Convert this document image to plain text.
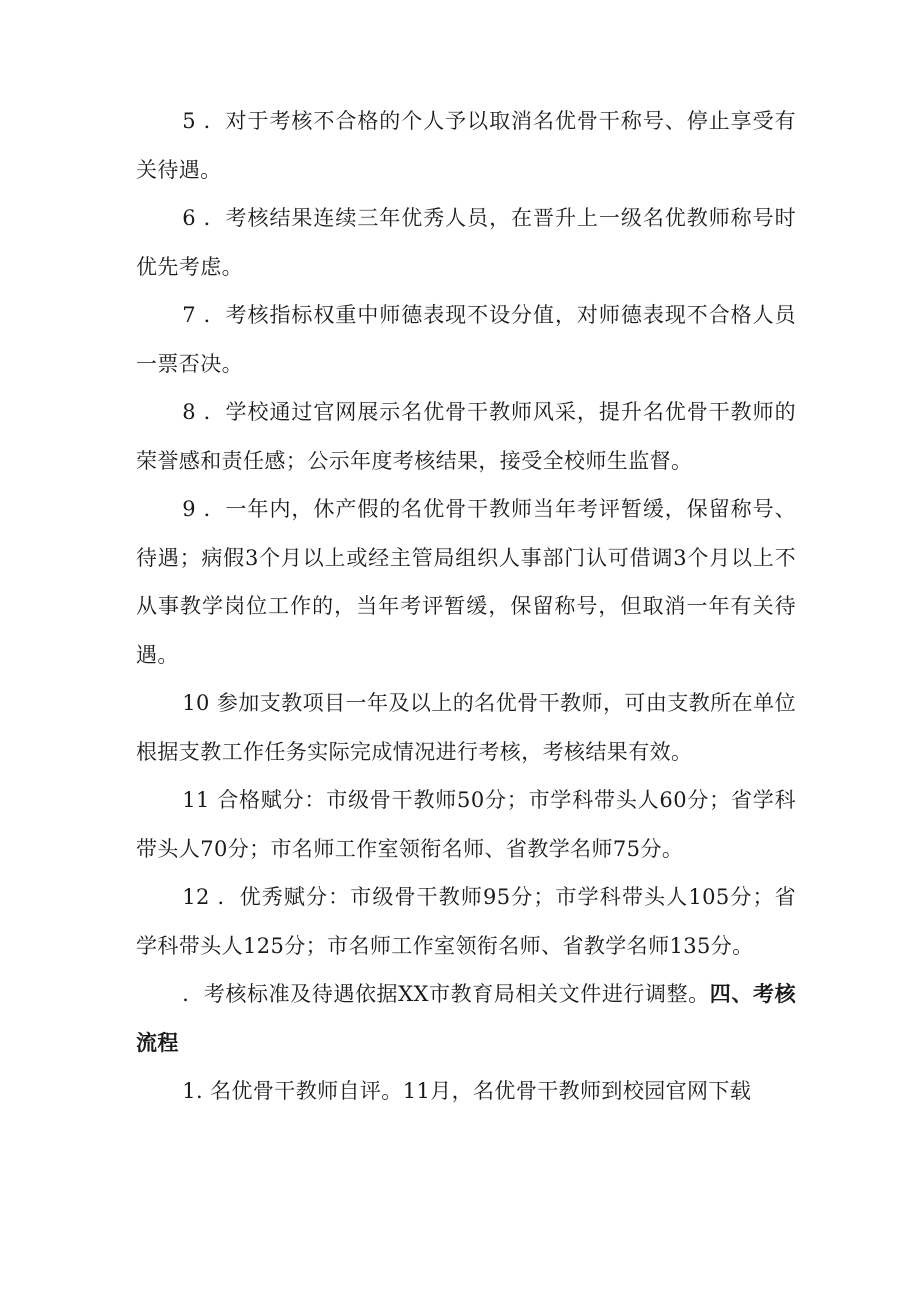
5 ．对于考核不合格的个人予以取消名优骨干称号、停止享受有关待遇。

6 ．考核结果连续三年优秀人员，在晋升上一级名优教师称号时优先考虑。

7 ．考核指标权重中师德表现不设分值，对师德表现不合格人员一票否决。

8 ．学校通过官网展示名优骨干教师风采，提升名优骨干教师的荣誉感和责任感；公示年度考核结果，接受全校师生监督。

9 ．一年内，休产假的名优骨干教师当年考评暂缓，保留称号、待遇；病假3个月以上或经主管局组织人事部门认可借调3个月以上不从事教学岗位工作的，当年考评暂缓，保留称号，但取消一年有关待遇。

10 参加支教项目一年及以上的名优骨干教师，可由支教所在单位根据支教工作任务实际完成情况进行考核，考核结果有效。

11 合格赋分：市级骨干教师50分；市学科带头人60分；省学科带头人70分；市名师工作室领衔名师、省教学名师75分。

12 ．优秀赋分：市级骨干教师95分；市学科带头人105分；省学科带头人125分；市名师工作室领衔名师、省教学名师135分。

．考核标准及待遇依据XX市教育局相关文件进行调整。四、考核流程

1. 名优骨干教师自评。11月，名优骨干教师到校园官网下载
